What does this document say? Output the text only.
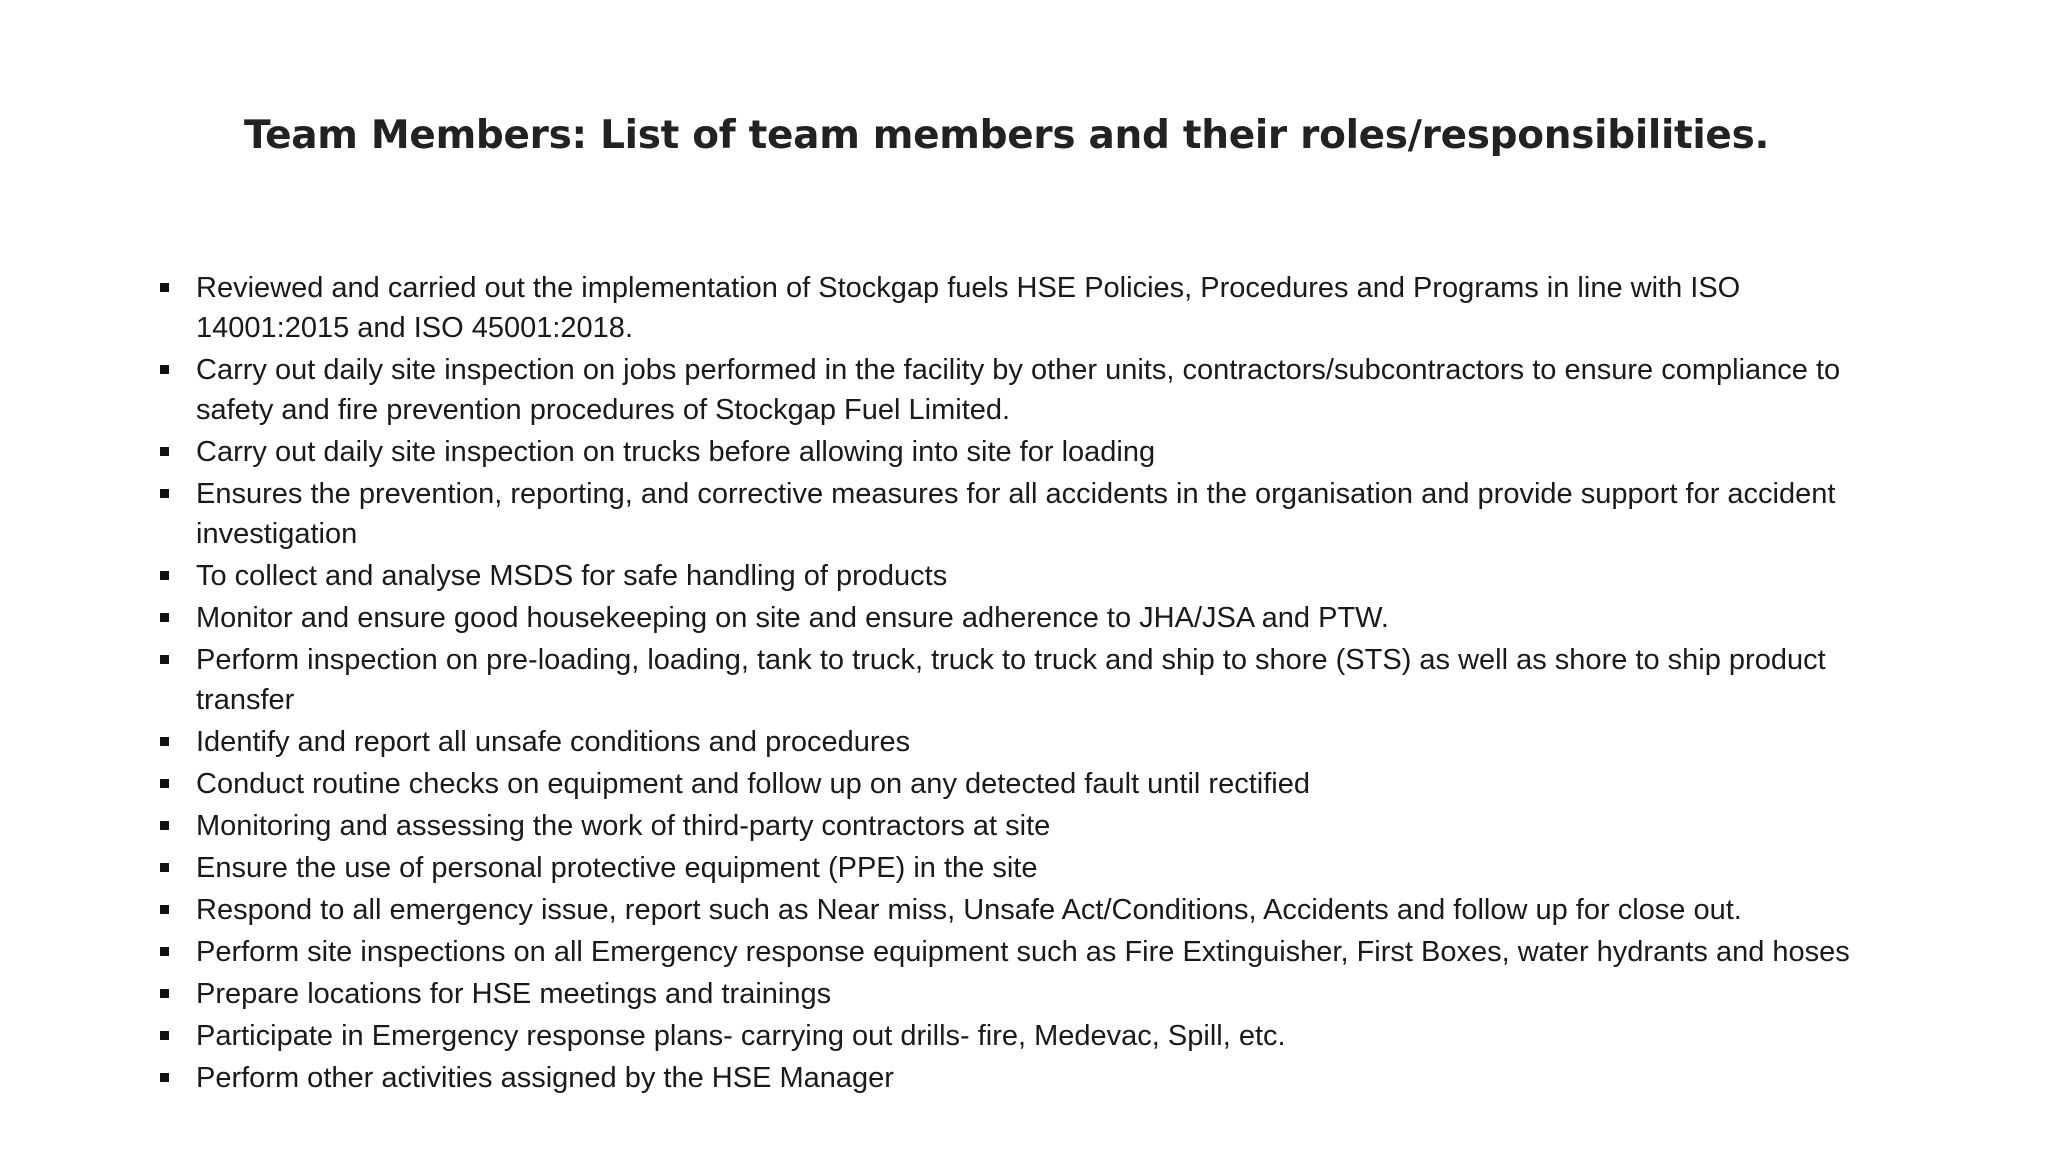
Team Members: List of team members and their roles/responsibilities.
Reviewed and carried out the implementation of Stockgap fuels HSE Policies, Procedures and Programs in line with ISO 14001:2015 and ISO 45001:2018.
Carry out daily site inspection on jobs performed in the facility by other units, contractors/subcontractors to ensure compliance to safety and fire prevention procedures of Stockgap Fuel Limited.
Carry out daily site inspection on trucks before allowing into site for loading
Ensures the prevention, reporting, and corrective measures for all accidents in the organisation and provide support for accident investigation
To collect and analyse MSDS for safe handling of products
Monitor and ensure good housekeeping on site and ensure adherence to JHA/JSA and PTW.
Perform inspection on pre-loading, loading, tank to truck, truck to truck and ship to shore (STS) as well as shore to ship product transfer
Identify and report all unsafe conditions and procedures
Conduct routine checks on equipment and follow up on any detected fault until rectified
Monitoring and assessing the work of third-party contractors at site
Ensure the use of personal protective equipment (PPE) in the site
Respond to all emergency issue, report such as Near miss, Unsafe Act/Conditions, Accidents and follow up for close out.
Perform site inspections on all Emergency response equipment such as Fire Extinguisher, First Boxes, water hydrants and hoses
Prepare locations for HSE meetings and trainings
Participate in Emergency response plans- carrying out drills- fire, Medevac, Spill, etc.
Perform other activities assigned by the HSE Manager
